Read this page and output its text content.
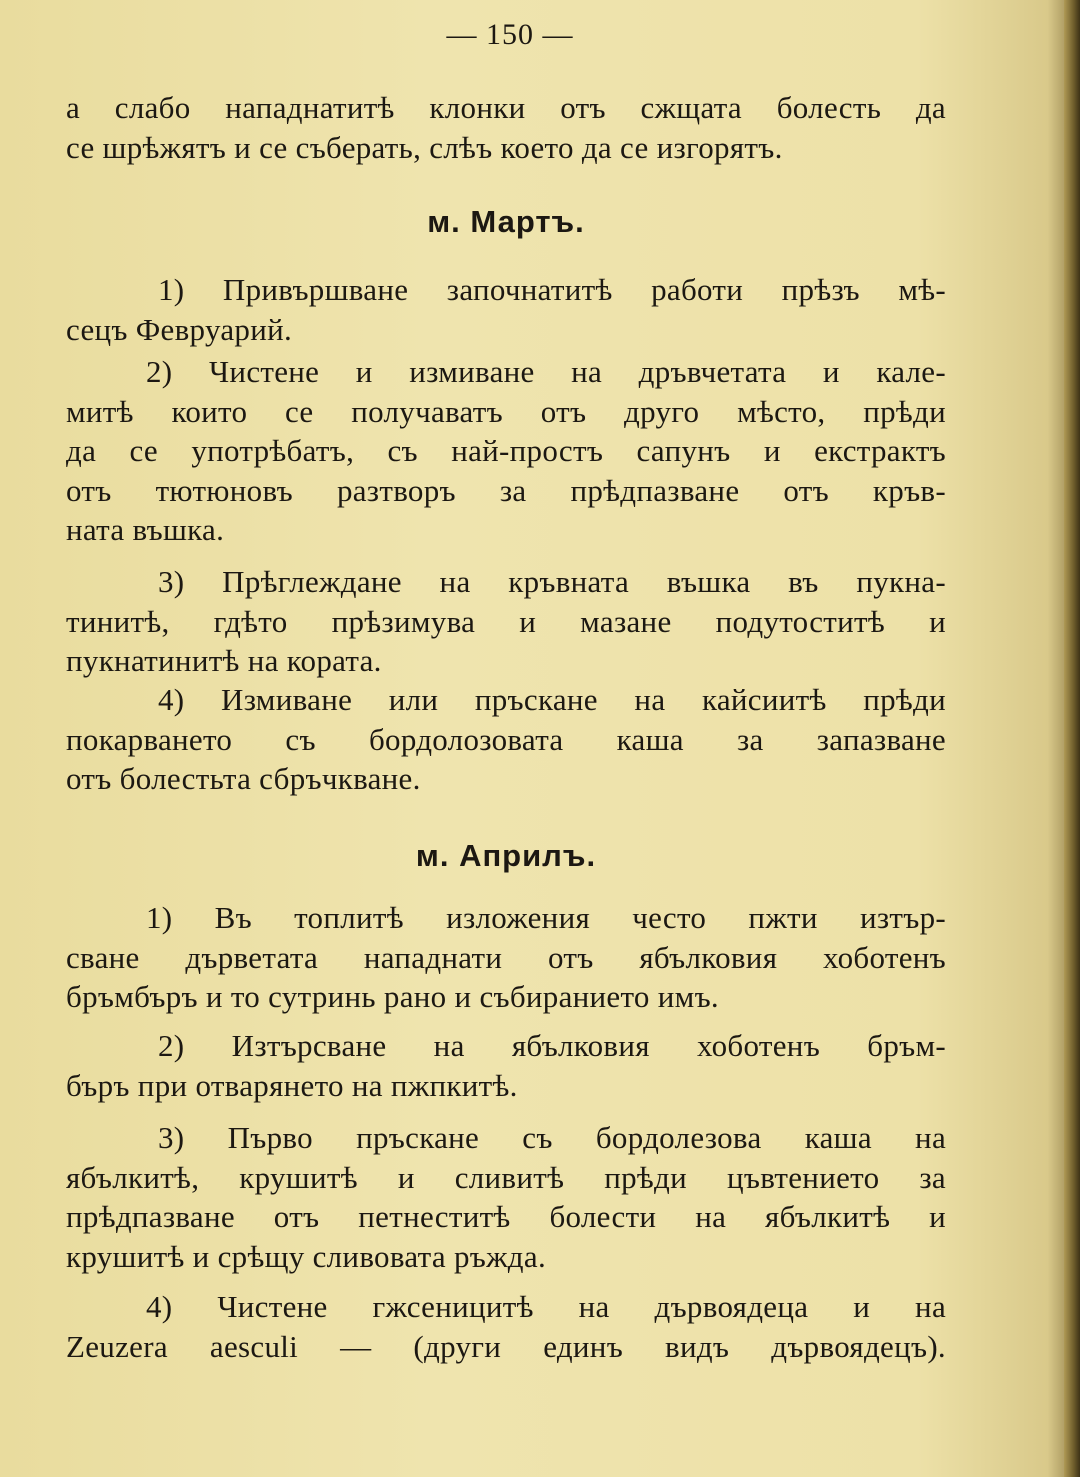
— 150 —
а слабо нападнатитѣ клонки отъ сжщата болесть да
се шрѣжятъ и се съберать, слѣъ което да се изгорятъ.
м. Мартъ.
1) Привършване започнатитѣ работи прѣзъ мѣ-
сецъ Февруарий.
2) Чистене и измиване на дръвчетата и кале-
митѣ които се получаватъ отъ друго мѣсто, прѣди
да се употрѣбатъ, съ най-простъ сапунъ и екстрактъ
отъ тютюновъ разтворъ за прѣдпазване отъ кръв-
ната въшка.
3) Прѣглеждане на кръвната въшка въ пукна-
тинитѣ, гдѣто прѣзимува и мазане подутоститѣ и
пукнатинитѣ на кората.
4) Измиване или пръскане на кайсиитѣ прѣди
покарването съ бордолозовата каша за запазване
отъ болестьта сбръчкване.
м. Априлъ.
1) Въ топлитѣ изложения често пжти изтър-
сване дърветата нападнати отъ ябълковия хоботенъ
бръмбъръ и то сутринь рано и събиранието имъ.
2) Изтърсване на ябълковия хоботенъ бръм-
бъръ при отварянето на пжпкитѣ.
3) Първо пръскане съ бордолезова каша на
ябълкитѣ, крушитѣ и сливитѣ прѣди цъвтението за
прѣдпазване отъ петнеститѣ болести на ябълкитѣ и
крушитѣ и срѣщу сливовата ръжда.
4) Чистене гжсеницитѣ на дървоядеца и на
Zeuzera aesculi — (други единъ видъ дървоядецъ).
